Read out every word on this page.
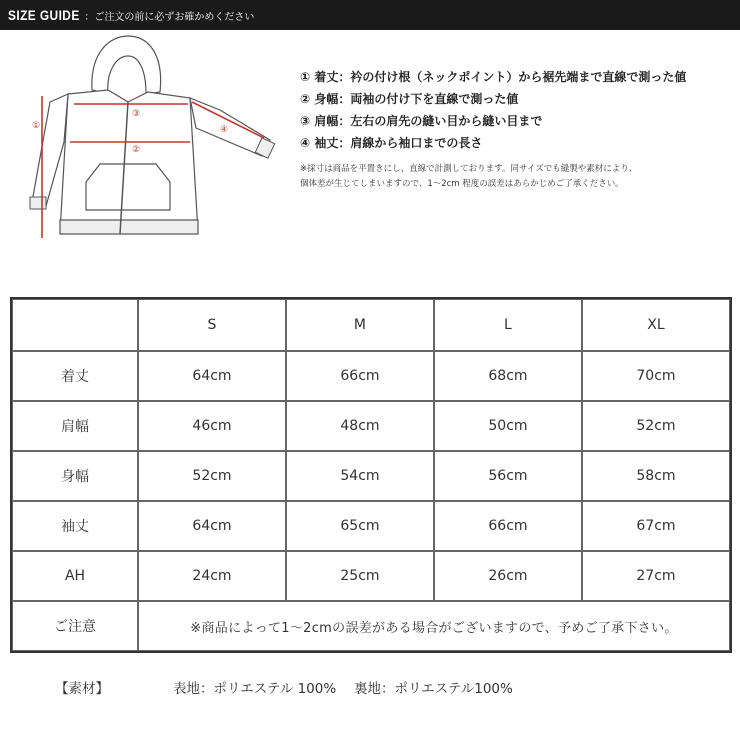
SIZE GUIDE ：ご注文の前に必ずお確かめください
①
②
③
④
① 着丈：衿の付け根（ネックポイント）から裾先端まで直線で測った値
② 身幅：両袖の付け下を直線で測った値
③ 肩幅：左右の肩先の縫い目から縫い目まで
④ 袖丈：肩線から袖口までの長さ
※採寸は商品を平置きにし、直線で計測しております。同サイズでも縫製や素材により、
個体差が生じてしまいますので、1〜2cm 程度の誤差はあらかじめご了承ください。
	S	M	L	XL
着丈	64cm	66cm	68cm	70cm
肩幅	46cm	48cm	50cm	52cm
身幅	52cm	54cm	56cm	58cm
袖丈	64cm	65cm	66cm	67cm
AH	24cm	25cm	26cm	27cm
ご注意	※商品によって1〜2cmの誤差がある場合がございますので、予めご了承下さい。			
【素材】	表地：ポリエステル 100%　 裏地：ポリエステル100%
